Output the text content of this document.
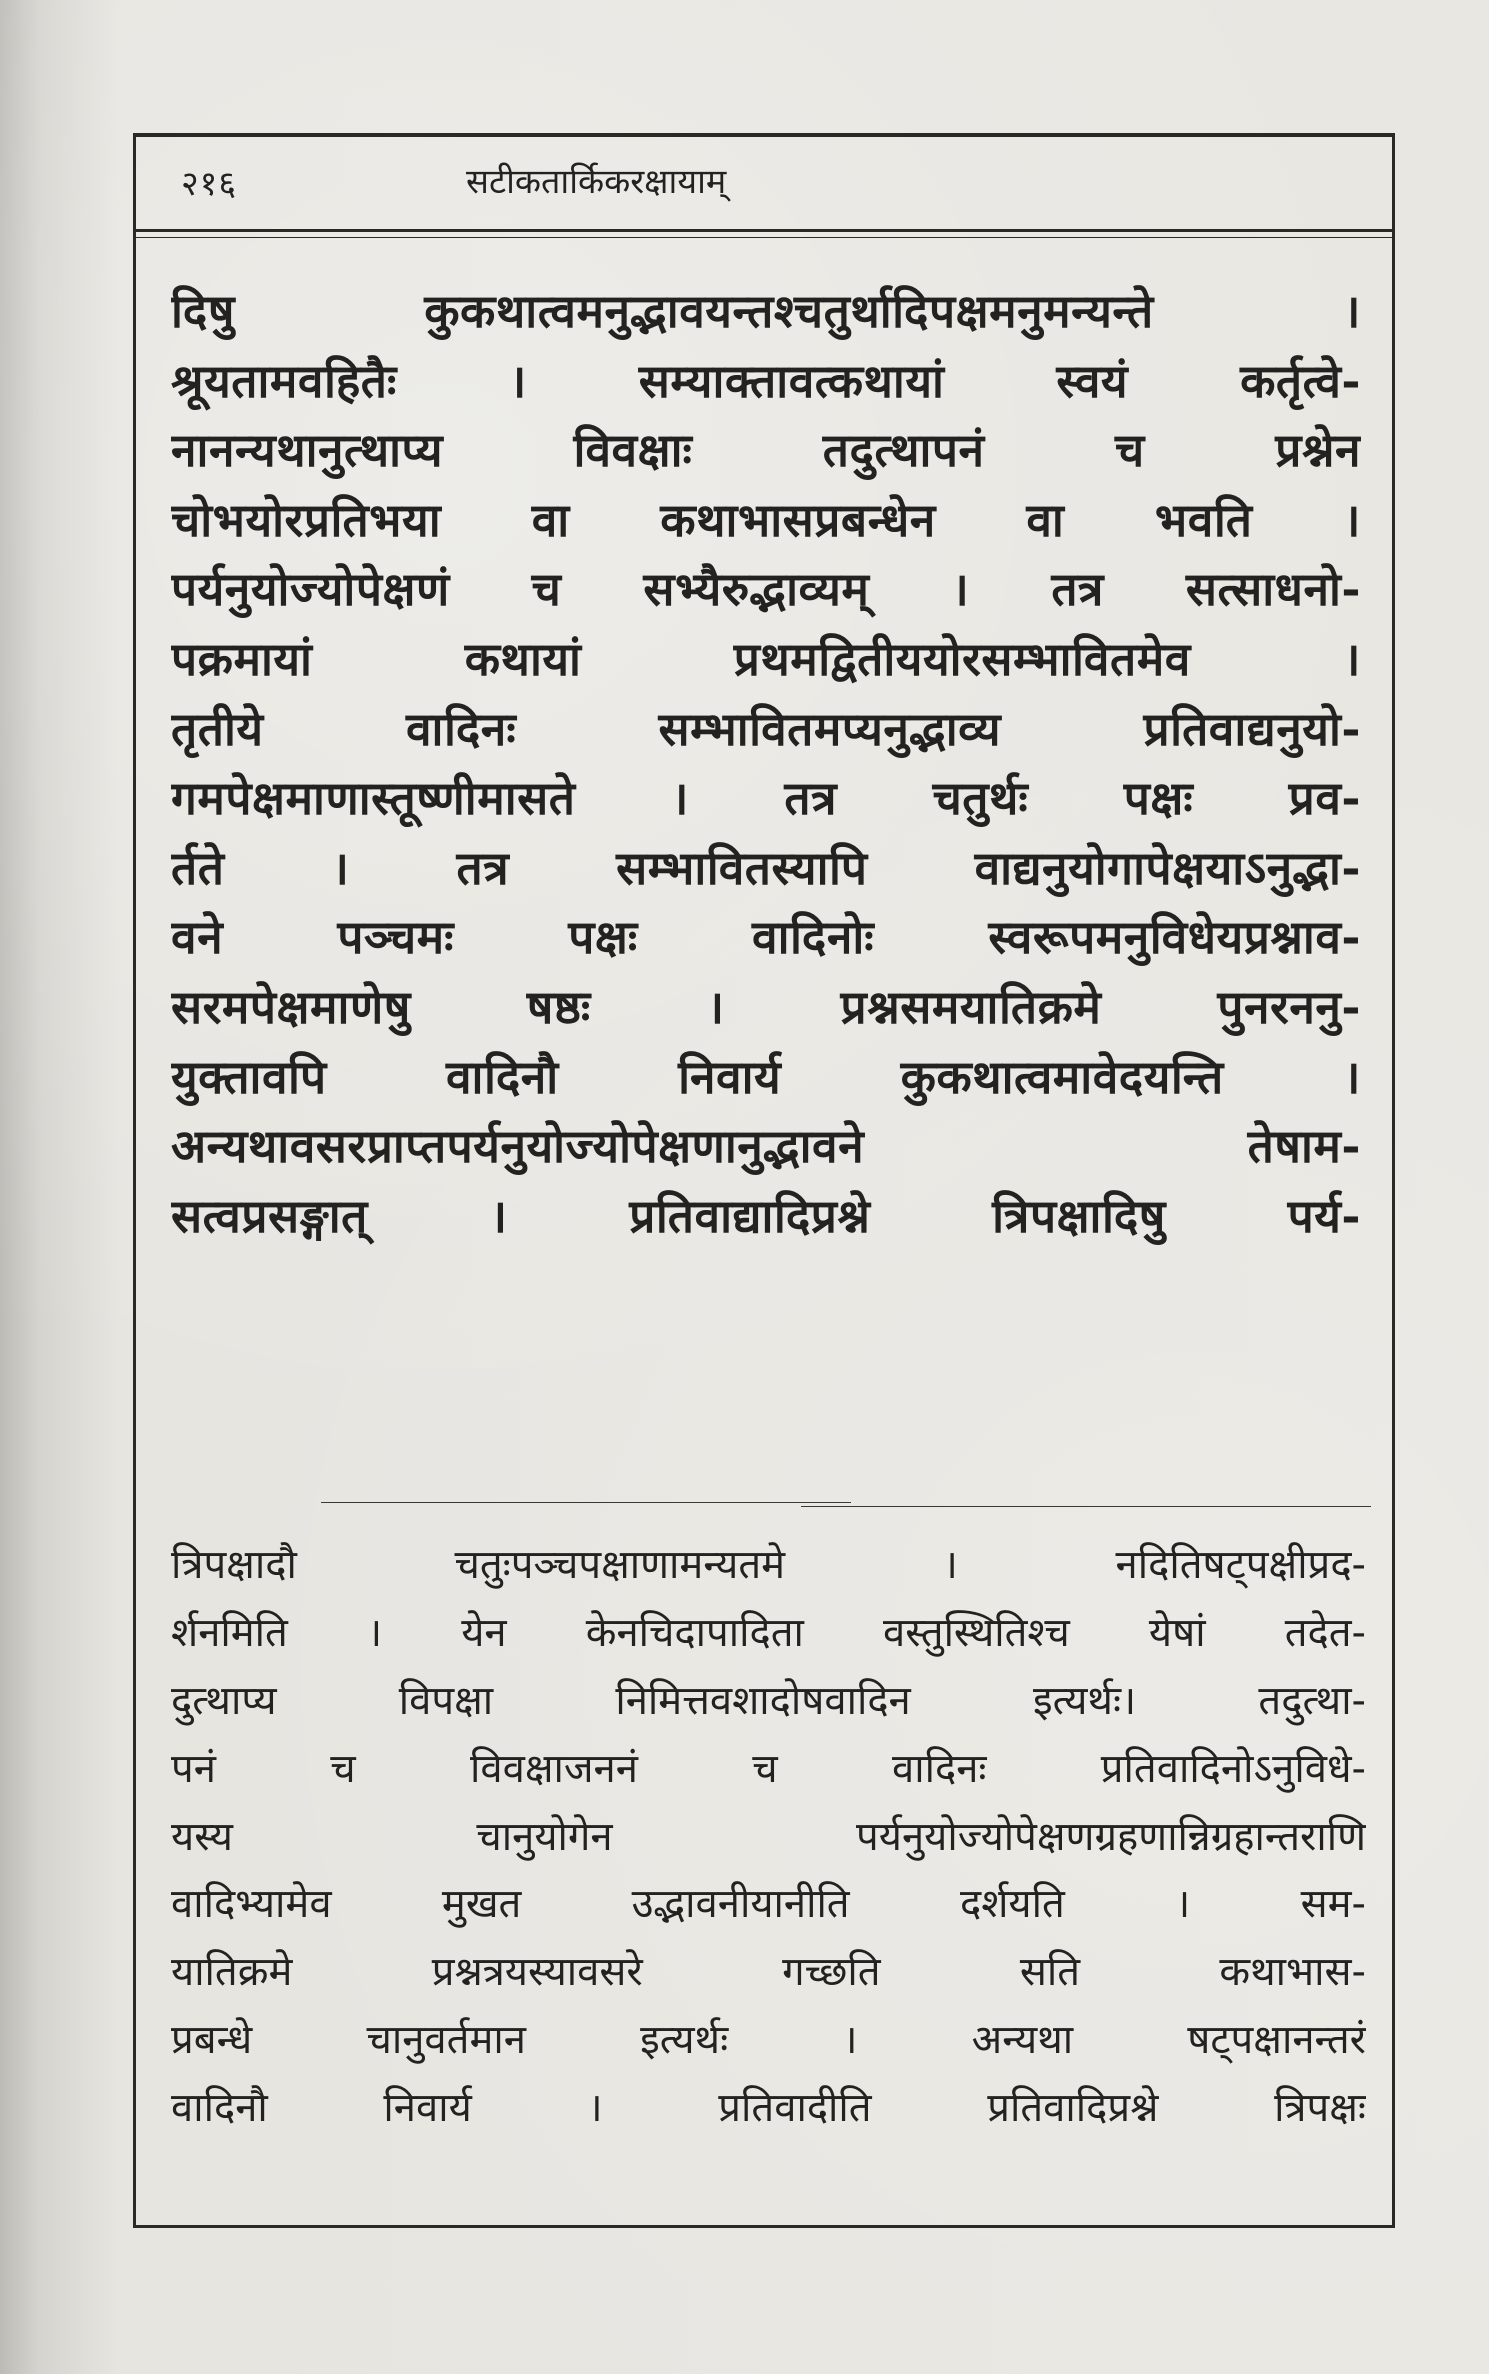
२१६	सटीकतार्किकरक्षायाम्
दिषु कुकथात्वमनुद्भावयन्तश्चतुर्थादिपक्षमनुमन्यन्ते ।
श्रूयतामवहितैः । सम्याक्तावत्कथायां स्वयं कर्तृत्वे-
नानन्यथानुत्थाप्य विवक्षाः तदुत्थापनं च प्रश्नेन
चोभयोरप्रतिभया वा कथाभासप्रबन्धेन वा भवति ।
पर्यनुयोज्योपेक्षणं च सभ्यैरुद्भाव्यम् । तत्र सत्साधनो-
पक्रमायां कथायां प्रथमद्वितीययोरसम्भावितमेव ।
तृतीये वादिनः सम्भावितमप्यनुद्भाव्य प्रतिवाद्यनुयो-
गमपेक्षमाणास्तूष्णीमासते । तत्र चतुर्थः पक्षः प्रव-
र्तते । तत्र सम्भावितस्यापि वाद्यनुयोगापेक्षयाऽनुद्भा-
वने पञ्चमः पक्षः वादिनोः स्वरूपमनुविधेयप्रश्नाव-
सरमपेक्षमाणेषु षष्ठः । प्रश्नसमयातिक्रमे पुनरननु-
युक्तावपि वादिनौ निवार्य कुकथात्वमावेदयन्ति ।
अन्यथावसरप्राप्तपर्यनुयोज्योपेक्षणानुद्भावने तेषाम-
सत्वप्रसङ्गात् । प्रतिवाद्यादिप्रश्ने त्रिपक्षादिषु पर्य-
त्रिपक्षादौ चतुःपञ्चपक्षाणामन्यतमे । नदितिषट्पक्षीप्रद-
र्शनमिति । येन केनचिदापादिता वस्तुस्थितिश्च येषां तदेत-
दुत्थाप्य विपक्षा निमित्तवशादोषवादिन इत्यर्थः। तदुत्था-
पनं च विवक्षाजननं च वादिनः प्रतिवादिनोऽनुविधे-
यस्य चानुयोगेन पर्यनुयोज्योपेक्षणग्रहणान्निग्रहान्तराणि
वादिभ्यामेव मुखत उद्भावनीयानीति दर्शयति । सम-
यातिक्रमे प्रश्नत्रयस्यावसरे गच्छति सति कथाभास-
प्रबन्धे चानुवर्तमान इत्यर्थः । अन्यथा षट्पक्षानन्तरं
वादिनौ निवार्य । प्रतिवादीति प्रतिवादिप्रश्ने त्रिपक्षः
